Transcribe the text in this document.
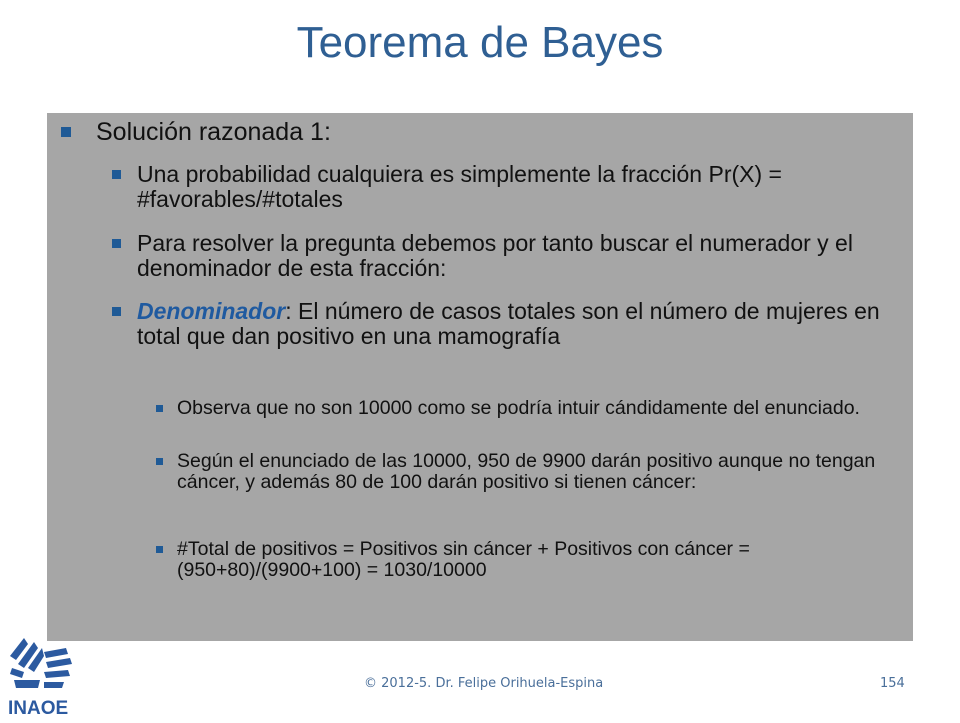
Teorema de Bayes
Solución razonada 1:
Una probabilidad cualquiera es simplemente la fracción Pr(X) = #favorables/#totales
Para resolver la pregunta debemos por tanto buscar el numerador y el denominador de esta fracción:
Denominador: El número de casos totales son el número de mujeres en total que dan positivo en una mamografía
Observa que no son 10000 como se podría intuir cándidamente del enunciado.
Según el enunciado de las 10000, 950 de 9900 darán positivo aunque no tengan cáncer, y además 80 de 100 darán positivo si tienen cáncer:
#Total de positivos = Positivos sin cáncer + Positivos con cáncer = (950+80)/(9900+100) = 1030/10000
INAOE
© 2012-5. Dr. Felipe Orihuela-Espina	154
